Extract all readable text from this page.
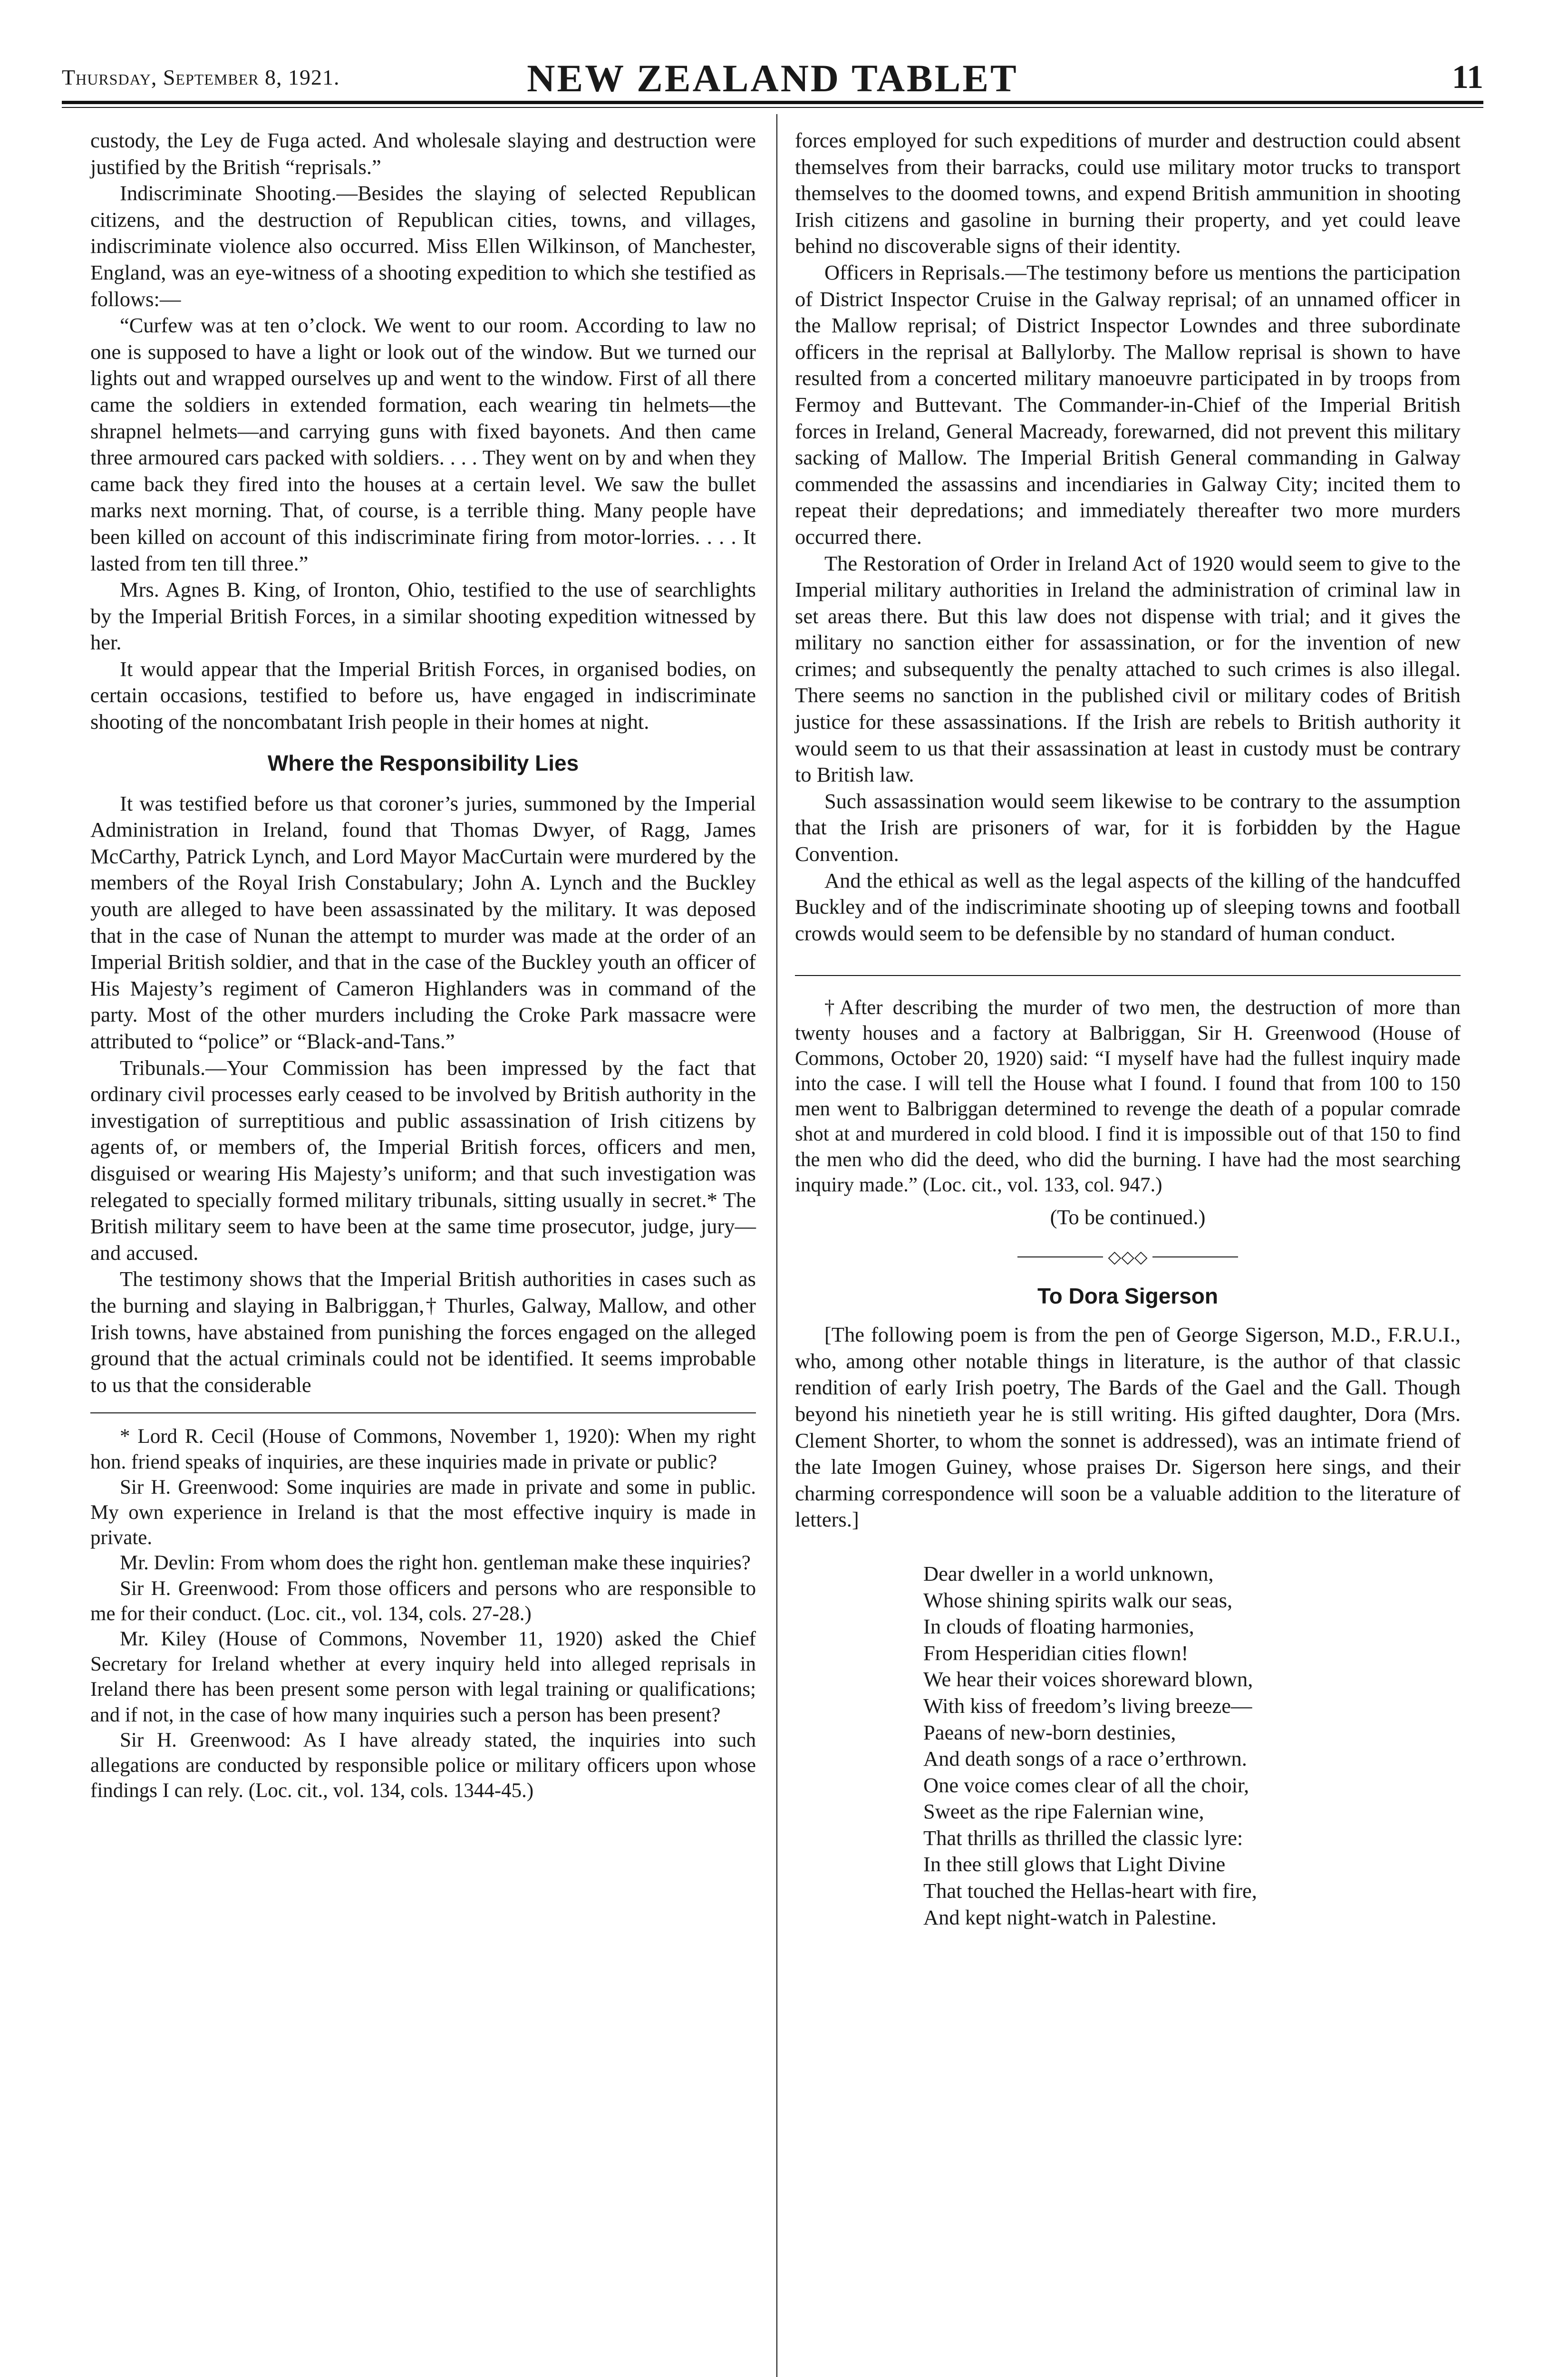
Thursday, September 8, 1921.	NEW ZEALAND TABLET	11

custody, the Ley de Fuga acted. And wholesale slaying and destruction were justified by the British “reprisals.”

Indiscriminate Shooting.—Besides the slaying of selected Republican citizens, and the destruction of Republican cities, towns, and villages, indiscriminate violence also occurred. Miss Ellen Wilkinson, of Manchester, England, was an eye-witness of a shooting expedition to which she testified as follows:—

“Curfew was at ten o’clock. We went to our room. According to law no one is supposed to have a light or look out of the window. But we turned our lights out and wrapped ourselves up and went to the window. First of all there came the soldiers in extended formation, each wearing tin helmets—the shrapnel helmets—and carrying guns with fixed bayonets. And then came three armoured cars packed with soldiers. . . . They went on by and when they came back they fired into the houses at a certain level. We saw the bullet marks next morning. That, of course, is a terrible thing. Many people have been killed on account of this indiscriminate firing from motor-lorries. . . . It lasted from ten till three.”

Mrs. Agnes B. King, of Ironton, Ohio, testified to the use of searchlights by the Imperial British Forces, in a similar shooting expedition witnessed by her.

It would appear that the Imperial British Forces, in organised bodies, on certain occasions, testified to before us, have engaged in indiscriminate shooting of the noncombatant Irish people in their homes at night.

Where the Responsibility Lies

It was testified before us that coroner’s juries, summoned by the Imperial Administration in Ireland, found that Thomas Dwyer, of Ragg, James McCarthy, Patrick Lynch, and Lord Mayor MacCurtain were murdered by the members of the Royal Irish Constabulary; John A. Lynch and the Buckley youth are alleged to have been assassinated by the military. It was deposed that in the case of Nunan the attempt to murder was made at the order of an Imperial British soldier, and that in the case of the Buckley youth an officer of His Majesty’s regiment of Cameron Highlanders was in command of the party. Most of the other murders including the Croke Park massacre were attributed to “police” or “Black-and-Tans.”

Tribunals.—Your Commission has been impressed by the fact that ordinary civil processes early ceased to be involved by British authority in the investigation of surreptitious and public assassination of Irish citizens by agents of, or members of, the Imperial British forces, officers and men, disguised or wearing His Majesty’s uniform; and that such investigation was relegated to specially formed military tribunals, sitting usually in secret.* The British military seem to have been at the same time prosecutor, judge, jury—and accused.

The testimony shows that the Imperial British authorities in cases such as the burning and slaying in Balbriggan,† Thurles, Galway, Mallow, and other Irish towns, have abstained from punishing the forces engaged on the alleged ground that the actual criminals could not be identified. It seems improbable to us that the considerable

* Lord R. Cecil (House of Commons, November 1, 1920): When my right hon. friend speaks of inquiries, are these inquiries made in private or public?

Sir H. Greenwood: Some inquiries are made in private and some in public. My own experience in Ireland is that the most effective inquiry is made in private.

Mr. Devlin: From whom does the right hon. gentleman make these inquiries?

Sir H. Greenwood: From those officers and persons who are responsible to me for their conduct. (Loc. cit., vol. 134, cols. 27-28.)

Mr. Kiley (House of Commons, November 11, 1920) asked the Chief Secretary for Ireland whether at every inquiry held into alleged reprisals in Ireland there has been present some person with legal training or qualifications; and if not, in the case of how many inquiries such a person has been present?

Sir H. Greenwood: As I have already stated, the inquiries into such allegations are conducted by responsible police or military officers upon whose findings I can rely. (Loc. cit., vol. 134, cols. 1344-45.)

forces employed for such expeditions of murder and destruction could absent themselves from their barracks, could use military motor trucks to transport themselves to the doomed towns, and expend British ammunition in shooting Irish citizens and gasoline in burning their property, and yet could leave behind no discoverable signs of their identity.

Officers in Reprisals.—The testimony before us mentions the participation of District Inspector Cruise in the Galway reprisal; of an unnamed officer in the Mallow reprisal; of District Inspector Lowndes and three subordinate officers in the reprisal at Ballylorby. The Mallow reprisal is shown to have resulted from a concerted military manoeuvre participated in by troops from Fermoy and Buttevant. The Commander-in-Chief of the Imperial British forces in Ireland, General Macready, forewarned, did not prevent this military sacking of Mallow. The Imperial British General commanding in Galway commended the assassins and incendiaries in Galway City; incited them to repeat their depredations; and immediately thereafter two more murders occurred there.

The Restoration of Order in Ireland Act of 1920 would seem to give to the Imperial military authorities in Ireland the administration of criminal law in set areas there. But this law does not dispense with trial; and it gives the military no sanction either for assassination, or for the invention of new crimes; and subsequently the penalty attached to such crimes is also illegal. There seems no sanction in the published civil or military codes of British justice for these assassinations. If the Irish are rebels to British authority it would seem to us that their assassination at least in custody must be contrary to British law.

Such assassination would seem likewise to be contrary to the assumption that the Irish are prisoners of war, for it is forbidden by the Hague Convention.

And the ethical as well as the legal aspects of the killing of the handcuffed Buckley and of the indiscriminate shooting up of sleeping towns and football crowds would seem to be defensible by no standard of human conduct.

†After describing the murder of two men, the destruction of more than twenty houses and a factory at Balbriggan, Sir H. Greenwood (House of Commons, October 20, 1920) said: “I myself have had the fullest inquiry made into the case. I will tell the House what I found. I found that from 100 to 150 men went to Balbriggan determined to revenge the death of a popular comrade shot at and murdered in cold blood. I find it is impossible out of that 150 to find the men who did the deed, who did the burning. I have had the most searching inquiry made.” (Loc. cit., vol. 133, col. 947.)

(To be continued.)

◇◇◇
To Dora Sigerson

[The following poem is from the pen of George Sigerson, M.D., F.R.U.I., who, among other notable things in literature, is the author of that classic rendition of early Irish poetry, The Bards of the Gael and the Gall. Though beyond his ninetieth year he is still writing. His gifted daughter, Dora (Mrs. Clement Shorter, to whom the sonnet is addressed), was an intimate friend of the late Imogen Guiney, whose praises Dr. Sigerson here sings, and their charming correspondence will soon be a valuable addition to the literature of letters.]

Dear dweller in a world unknown,
Whose shining spirits walk our seas,
In clouds of floating harmonies,
From Hesperidian cities flown!
We hear their voices shoreward blown,
With kiss of freedom’s living breeze—
Paeans of new-born destinies,
And death songs of a race o’erthrown.
One voice comes clear of all the choir,
Sweet as the ripe Falernian wine,
That thrills as thrilled the classic lyre:
In thee still glows that Light Divine
That touched the Hellas-heart with fire,
And kept night-watch in Palestine.
